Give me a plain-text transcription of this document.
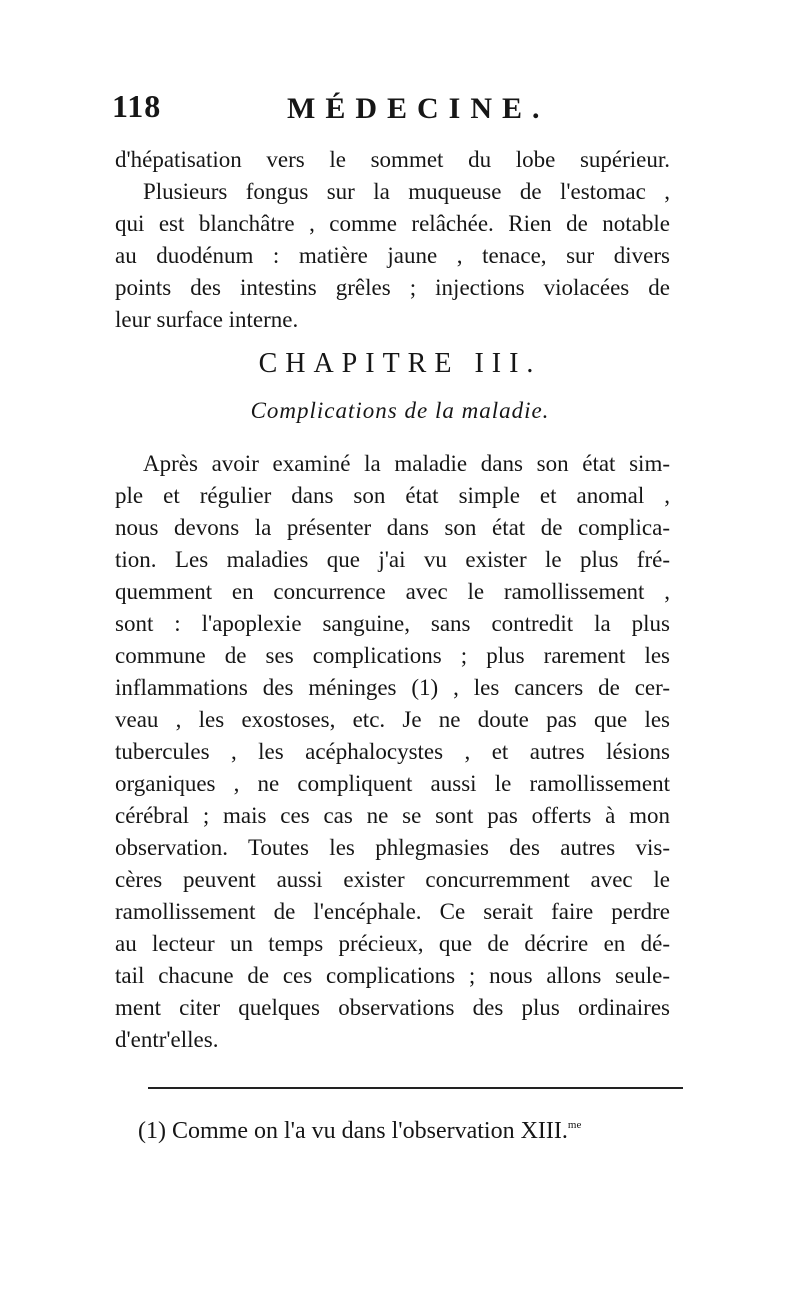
118	MÉDECINE.
d'hépatisation vers le sommet du lobe supérieur.
Plusieurs fongus sur la muqueuse de l'estomac ,
qui est blanchâtre , comme relâchée. Rien de notable
au duodénum : matière jaune , tenace, sur divers
points des intestins grêles ; injections violacées de
leur surface interne.
CHAPITRE III.
Complications de la maladie.
Après avoir examiné la maladie dans son état sim-
ple et régulier dans son état simple et anomal ,
nous devons la présenter dans son état de complica-
tion. Les maladies que j'ai vu exister le plus fré-
quemment en concurrence avec le ramollissement ,
sont : l'apoplexie sanguine, sans contredit la plus
commune de ses complications ; plus rarement les
inflammations des méninges (1) , les cancers de cer-
veau , les exostoses, etc. Je ne doute pas que les
tubercules , les acéphalocystes , et autres lésions
organiques , ne compliquent aussi le ramollissement
cérébral ; mais ces cas ne se sont pas offerts à mon
observation. Toutes les phlegmasies des autres vis-
cères peuvent aussi exister concurremment avec le
ramollissement de l'encéphale. Ce serait faire perdre
au lecteur un temps précieux, que de décrire en dé-
tail chacune de ces complications ; nous allons seule-
ment citer quelques observations des plus ordinaires
d'entr'elles.
(1) Comme on l'a vu dans l'observation XIII.$^{me}$
